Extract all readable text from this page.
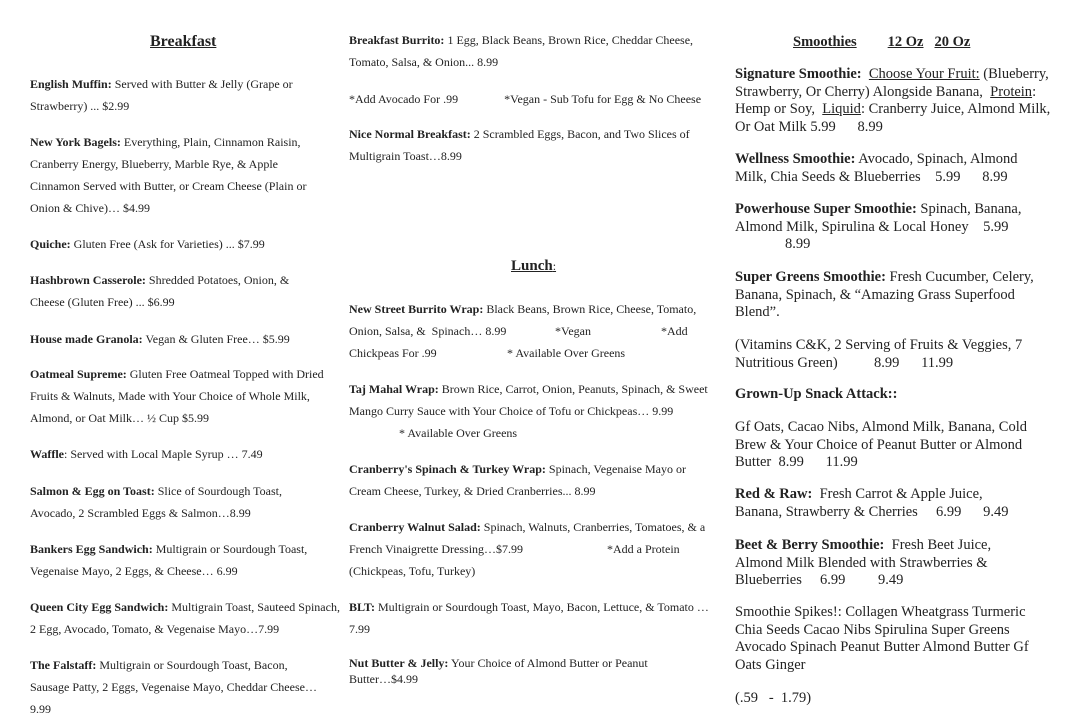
Breakfast

English Muffin: Served with Butter & Jelly (Grape or Strawberry) ... $2.99

New York Bagels: Everything, Plain, Cinnamon Raisin, Cranberry Energy, Blueberry, Marble Rye, & Apple Cinnamon Served with Butter, or Cream Cheese (Plain or Onion & Chive)… $4.99

Quiche: Gluten Free (Ask for Varieties) ... $7.99

Hashbrown Casserole: Shredded Potatoes, Onion, & Cheese (Gluten Free) ... $6.99

House made Granola: Vegan & Gluten Free… $5.99

Oatmeal Supreme: Gluten Free Oatmeal Topped with Dried Fruits & Walnuts, Made with Your Choice of Whole Milk, Almond, or Oat Milk… ½ Cup $5.99

Waffle: Served with Local Maple Syrup … 7.49

Salmon & Egg on Toast: Slice of Sourdough Toast, Avocado, 2 Scrambled Eggs & Salmon…8.99

Bankers Egg Sandwich: Multigrain or Sourdough Toast, Vegenaise Mayo, 2 Eggs, & Cheese… 6.99

Queen City Egg Sandwich: Multigrain Toast, Sauteed Spinach, 2 Egg, Avocado, Tomato, & Vegenaise Mayo…7.99

The Falstaff: Multigrain or Sourdough Toast, Bacon, Sausage Patty, 2 Eggs, Vegenaise Mayo, Cheddar Cheese…9.99

Breakfast Burrito: 1 Egg, Black Beans, Brown Rice, Cheddar Cheese, Tomato, Salsa, & Onion... 8.99

*Add Avocado For .99	*Vegan - Sub Tofu for Egg & No Cheese

Nice Normal Breakfast: 2 Scrambled Eggs, Bacon, and Two Slices of Multigrain Toast…8.99

Lunch:
New Street Burrito Wrap: Black Beans, Brown Rice, Cheese, Tomato,
Onion, Salsa, &  Spinach… 8.99	*Vegan	*Add
Chickpeas For .99	* Available Over Greens

Taj Mahal Wrap: Brown Rice, Carrot, Onion, Peanuts, Spinach, & Sweet Mango Curry Sauce with Your Choice of Tofu or Chickpeas… 9.99

* Available Over Greens

Cranberry's Spinach & Turkey Wrap: Spinach, Vegenaise Mayo or Cream Cheese, Turkey, & Dried Cranberries... 8.99

Cranberry Walnut Salad: Spinach, Walnuts, Cranberries, Tomatoes, & a
French Vinaigrette Dressing…$7.99	*Add a Protein
(Chickpeas, Tofu, Turkey)

BLT: Multigrain or Sourdough Toast, Mayo, Bacon, Lettuce, & Tomato …7.99

Nut Butter & Jelly: Your Choice of Almond Butter or Peanut Butter…$4.99

Smoothies 12 Oz 20 Oz

Signature Smoothie: Choose Your Fruit: (Blueberry, Strawberry, Or Cherry) Alongside Banana, Protein: Hemp or Soy, Liquid: Cranberry Juice, Almond Milk, Or Oat Milk 5.99 8.99

Wellness Smoothie: Avocado, Spinach, Almond Milk, Chia Seeds & Blueberries 5.99 8.99

Powerhouse Super Smoothie: Spinach, Banana, Almond Milk, Spirulina & Local Honey 5.99
8.99

Super Greens Smoothie: Fresh Cucumber, Celery, Banana, Spinach, & “Amazing Grass Superfood Blend”.

(Vitamins C&K, 2 Serving of Fruits & Veggies, 7 Nutritious Green)	8.99 11.99

Grown-Up Snack Attack::

Gf Oats, Cacao Nibs, Almond Milk, Banana, Cold Brew & Your Choice of Peanut Butter or Almond Butter 8.99 11.99

Red & Raw: Fresh Carrot & Apple Juice, Banana, Strawberry & Cherries 6.99 9.49

Beet & Berry Smoothie: Fresh Beet Juice, Almond Milk Blended with Strawberries & Blueberries 6.99 9.49

Smoothie Spikes!: Collagen Wheatgrass Turmeric Chia Seeds Cacao Nibs Spirulina Super Greens Avocado Spinach Peanut Butter Almond Butter Gf Oats Ginger

(.59   -  1.79)
